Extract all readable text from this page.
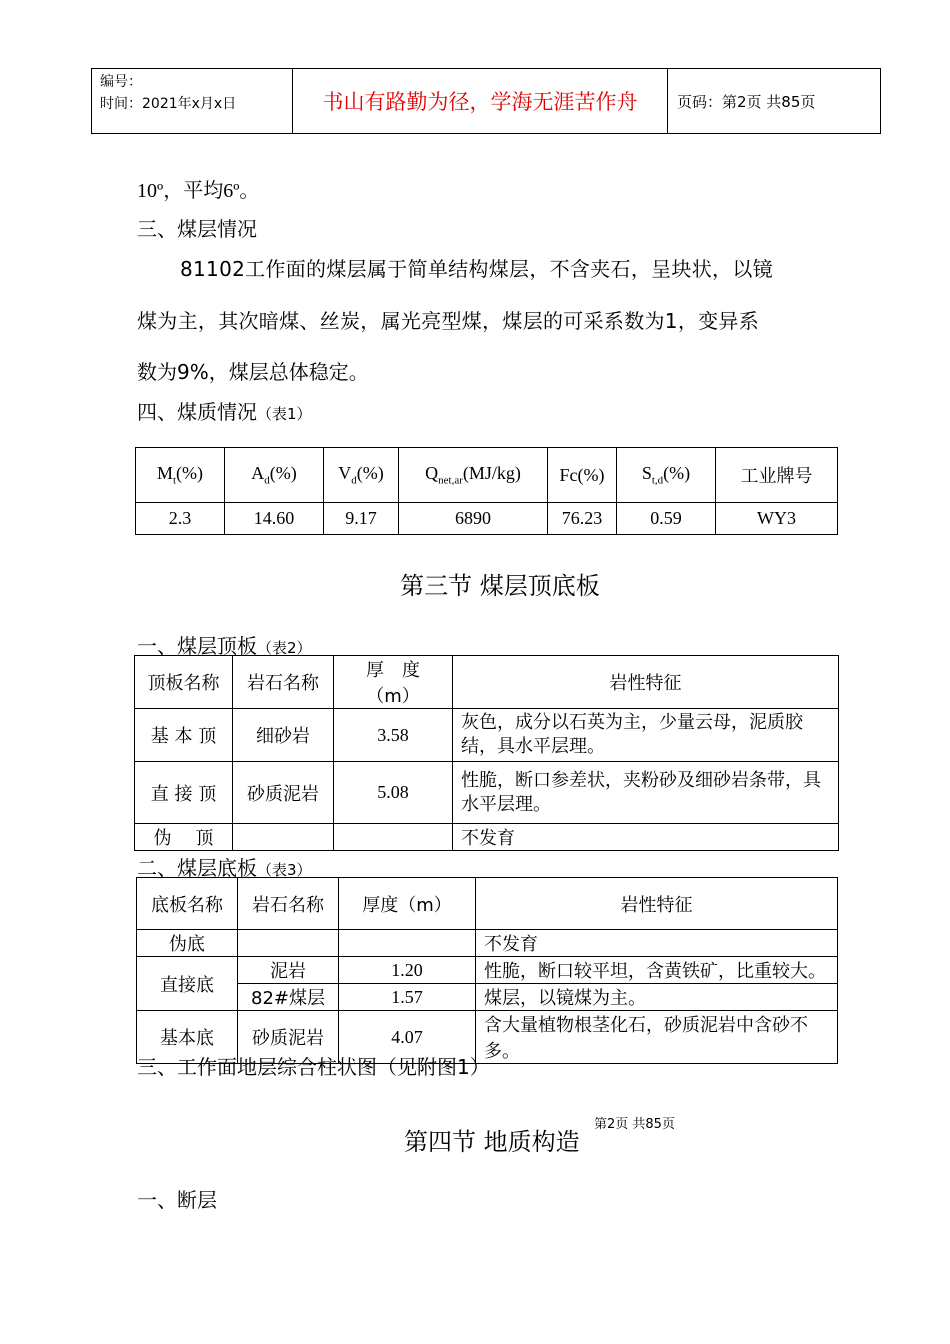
编号：
时间：2021年x月x日	书山有路勤为径，学海无涯苦作舟	页码：第2页 共85页
10º，平均6º。
三、煤层情况
81102工作面的煤层属于简单结构煤层，不含夹石，呈块状，以镜
煤为主，其次暗煤、丝炭，属光亮型煤，煤层的可采系数为1，变异系
数为9%，煤层总体稳定。
四、煤质情况（表1）
$M_t(\%)$	$A_d(\%)$	$V_d(\%)$	$Q_{net,ar}(MJ/kg)$	Fc(%)	$S_{t,d}(\%)$	工业牌号
2.3	14.60	9.17	6890	76.23	0.59	WY3
第三节 煤层顶底板
一、煤层顶板（表2）
顶板名称	岩石名称	厚　度（m）	岩性特征
基 本 顶	细砂岩	3.58	灰色，成分以石英为主，少量云母，泥质胶结，具水平层理。
直 接 顶	砂质泥岩	5.08	性脆，断口参差状，夹粉砂及细砂岩条带，具水平层理。
伪　 顶			不发育
二、煤层底板（表3）
底板名称	岩石名称	厚度（m）	岩性特征
伪底			不发育
直接底	泥岩	1.20	性脆，断口较平坦，含黄铁矿，比重较大。
	82#煤层	1.57	煤层，以镜煤为主。
基本底	砂质泥岩	4.07	含大量植物根茎化石，砂质泥岩中含砂不多。
三、工作面地层综合柱状图（见附图1）
第四节 地质构造
第2页 共85页
一、断层
